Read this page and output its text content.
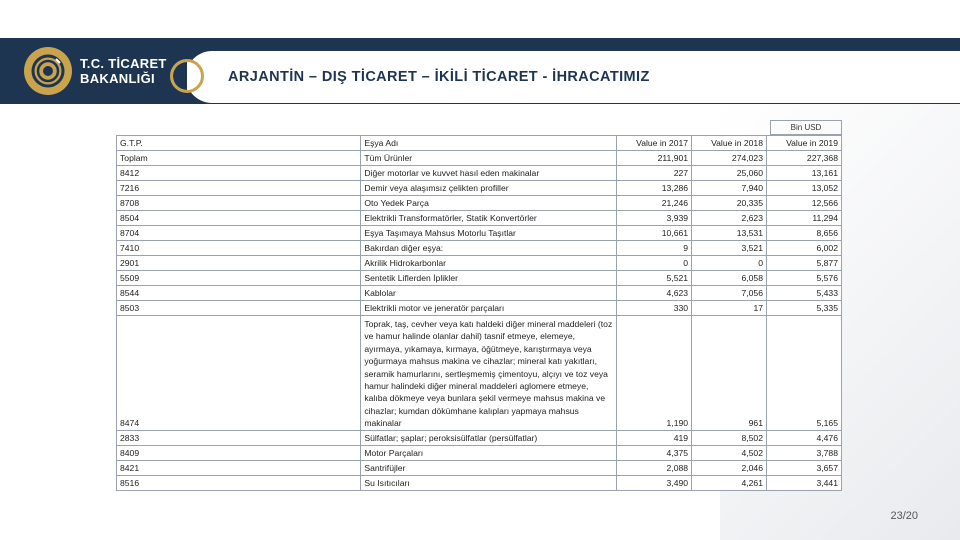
T.C. TİCARET
BAKANLIĞI	ARJANTİN – DIŞ TİCARET – İKİLİ TİCARET - İHRACATIMIZ
Bin USD
G.T.P.	Eşya Adı	Value in 2017	Value in 2018	Value in 2019
Toplam	Tüm Ürünler	211,901	274,023	227,368
8412	Diğer motorlar ve kuvvet hasıl eden makinalar	227	25,060	13,161
7216	Demir veya alaşımsız çelikten profiller	13,286	7,940	13,052
8708	Oto Yedek Parça	21,246	20,335	12,566
8504	Elektrikli Transformatörler, Statik Konvertörler	3,939	2,623	11,294
8704	Eşya Taşımaya Mahsus Motorlu Taşıtlar	10,661	13,531	8,656
7410	Bakırdan diğer eşya:	9	3,521	6,002
2901	Akrilik Hidrokarbonlar	0	0	5,877
5509	Sentetik Liflerden İplikler	5,521	6,058	5,576
8544	Kablolar	4,623	7,056	5,433
8503	Elektrikli motor ve jeneratör parçaları	330	17	5,335
8474	Toprak, taş, cevher veya katı haldeki diğer mineral maddeleri (toz ve hamur halinde olanlar dahil) tasnif etmeye, elemeye, ayırmaya, yıkamaya, kırmaya, öğütmeye, karıştırmaya veya yoğurmaya mahsus makina ve cihazlar; mineral katı yakıtları, seramik hamurlarını, sertleşmemiş çimentoyu, alçıyı ve toz veya hamur halindeki diğer mineral maddeleri aglomere etmeye, kalıba dökmeye veya bunlara şekil vermeye mahsus makina ve cihazlar; kumdan dökümhane kalıpları yapmaya mahsus makinalar	1,190	961	5,165
2833	Sülfatlar; şaplar; peroksisülfatlar (persülfatlar)	419	8,502	4,476
8409	Motor Parçaları	4,375	4,502	3,788
8421	Santrifüjler	2,088	2,046	3,657
8516	Su Isıtıcıları	3,490	4,261	3,441
23/20
